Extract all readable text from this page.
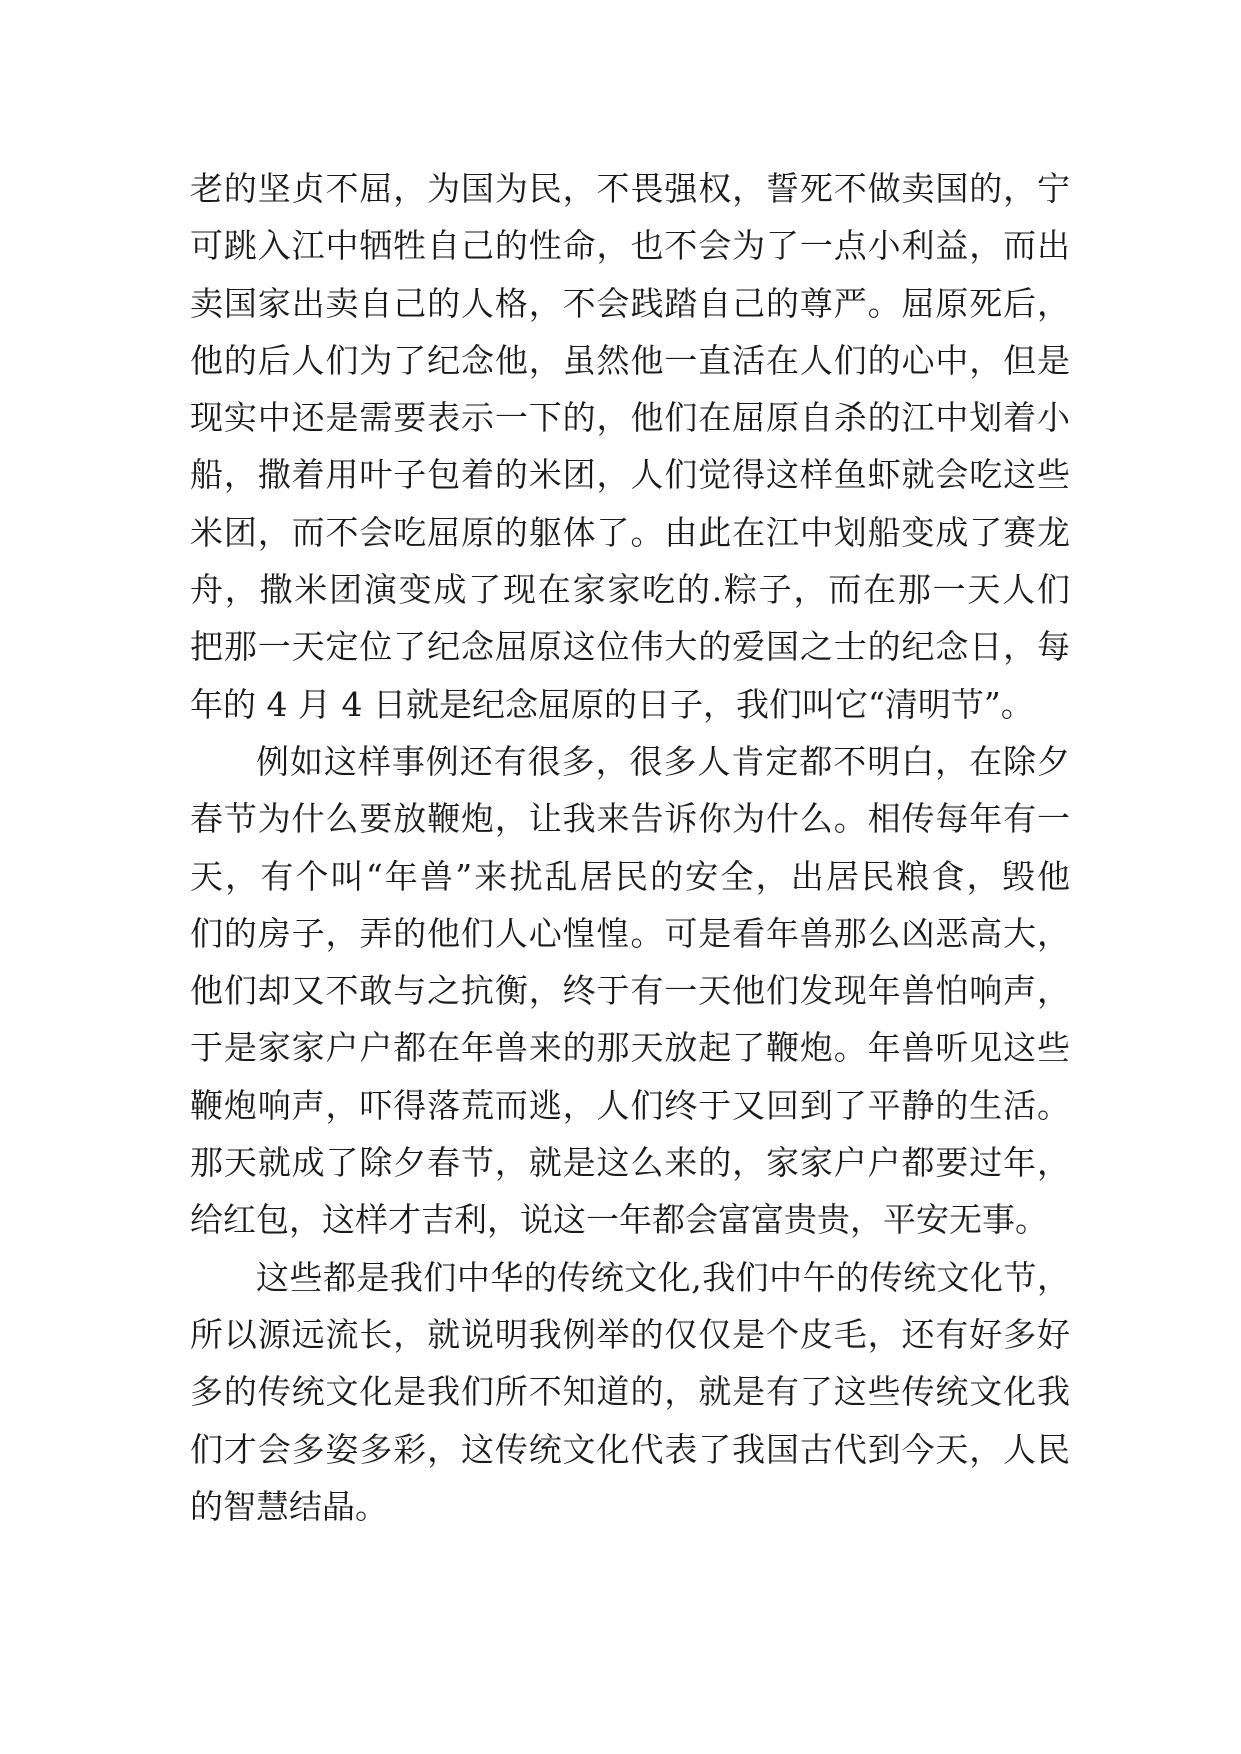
老的坚贞不屈，为国为民，不畏强权，誓死不做卖国的，宁
可跳入江中牺牲自己的性命，也不会为了一点小利益，而出
卖国家出卖自己的人格，不会践踏自己的尊严。屈原死后，
他的后人们为了纪念他，虽然他一直活在人们的心中，但是
现实中还是需要表示一下的，他们在屈原自杀的江中划着小
船，撒着用叶子包着的米团，人们觉得这样鱼虾就会吃这些
米团，而不会吃屈原的躯体了。由此在江中划船变成了赛龙
舟，撒米团演变成了现在家家吃的.粽子，而在那一天人们
把那一天定位了纪念屈原这位伟大的爱国之士的纪念日，每
年的 4 月 4 日就是纪念屈原的日子，我们叫它“清明节”。
例如这样事例还有很多，很多人肯定都不明白，在除夕
春节为什么要放鞭炮，让我来告诉你为什么。相传每年有一
天，有个叫“年兽”来扰乱居民的安全，出居民粮食，毁他
们的房子，弄的他们人心惶惶。可是看年兽那么凶恶高大，
他们却又不敢与之抗衡，终于有一天他们发现年兽怕响声，
于是家家户户都在年兽来的那天放起了鞭炮。年兽听见这些
鞭炮响声，吓得落荒而逃，人们终于又回到了平静的生活。
那天就成了除夕春节，就是这么来的，家家户户都要过年，
给红包，这样才吉利，说这一年都会富富贵贵，平安无事。
这些都是我们中华的传统文化,我们中午的传统文化节，
所以源远流长，就说明我例举的仅仅是个皮毛，还有好多好
多的传统文化是我们所不知道的，就是有了这些传统文化我
们才会多姿多彩，这传统文化代表了我国古代到今天，人民
的智慧结晶。
